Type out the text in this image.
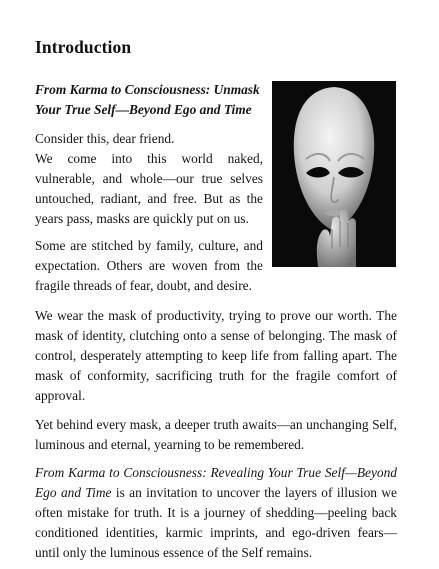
Introduction

From Karma to Consciousness: Unmask Your True Self—Beyond Ego and Time

Consider this, dear friend.
We come into this world naked, vulnerable, and whole—our true selves untouched, radiant, and free. But as the years pass, masks are quickly put on us.

Some are stitched by family, culture, and expectation. Others are woven from the fragile threads of fear, doubt, and desire.

We wear the mask of productivity, trying to prove our worth. The mask of identity, clutching onto a sense of belonging. The mask of control, desperately attempting to keep life from falling apart. The mask of conformity, sacrificing truth for the fragile comfort of approval.

Yet behind every mask, a deeper truth awaits—an unchanging Self, luminous and eternal, yearning to be remembered.

From Karma to Consciousness: Revealing Your True Self—Beyond Ego and Time is an invitation to uncover the layers of illusion we often mistake for truth. It is a journey of shedding—peeling back conditioned identities, karmic imprints, and ego-driven fears—until only the luminous essence of the Self remains.
